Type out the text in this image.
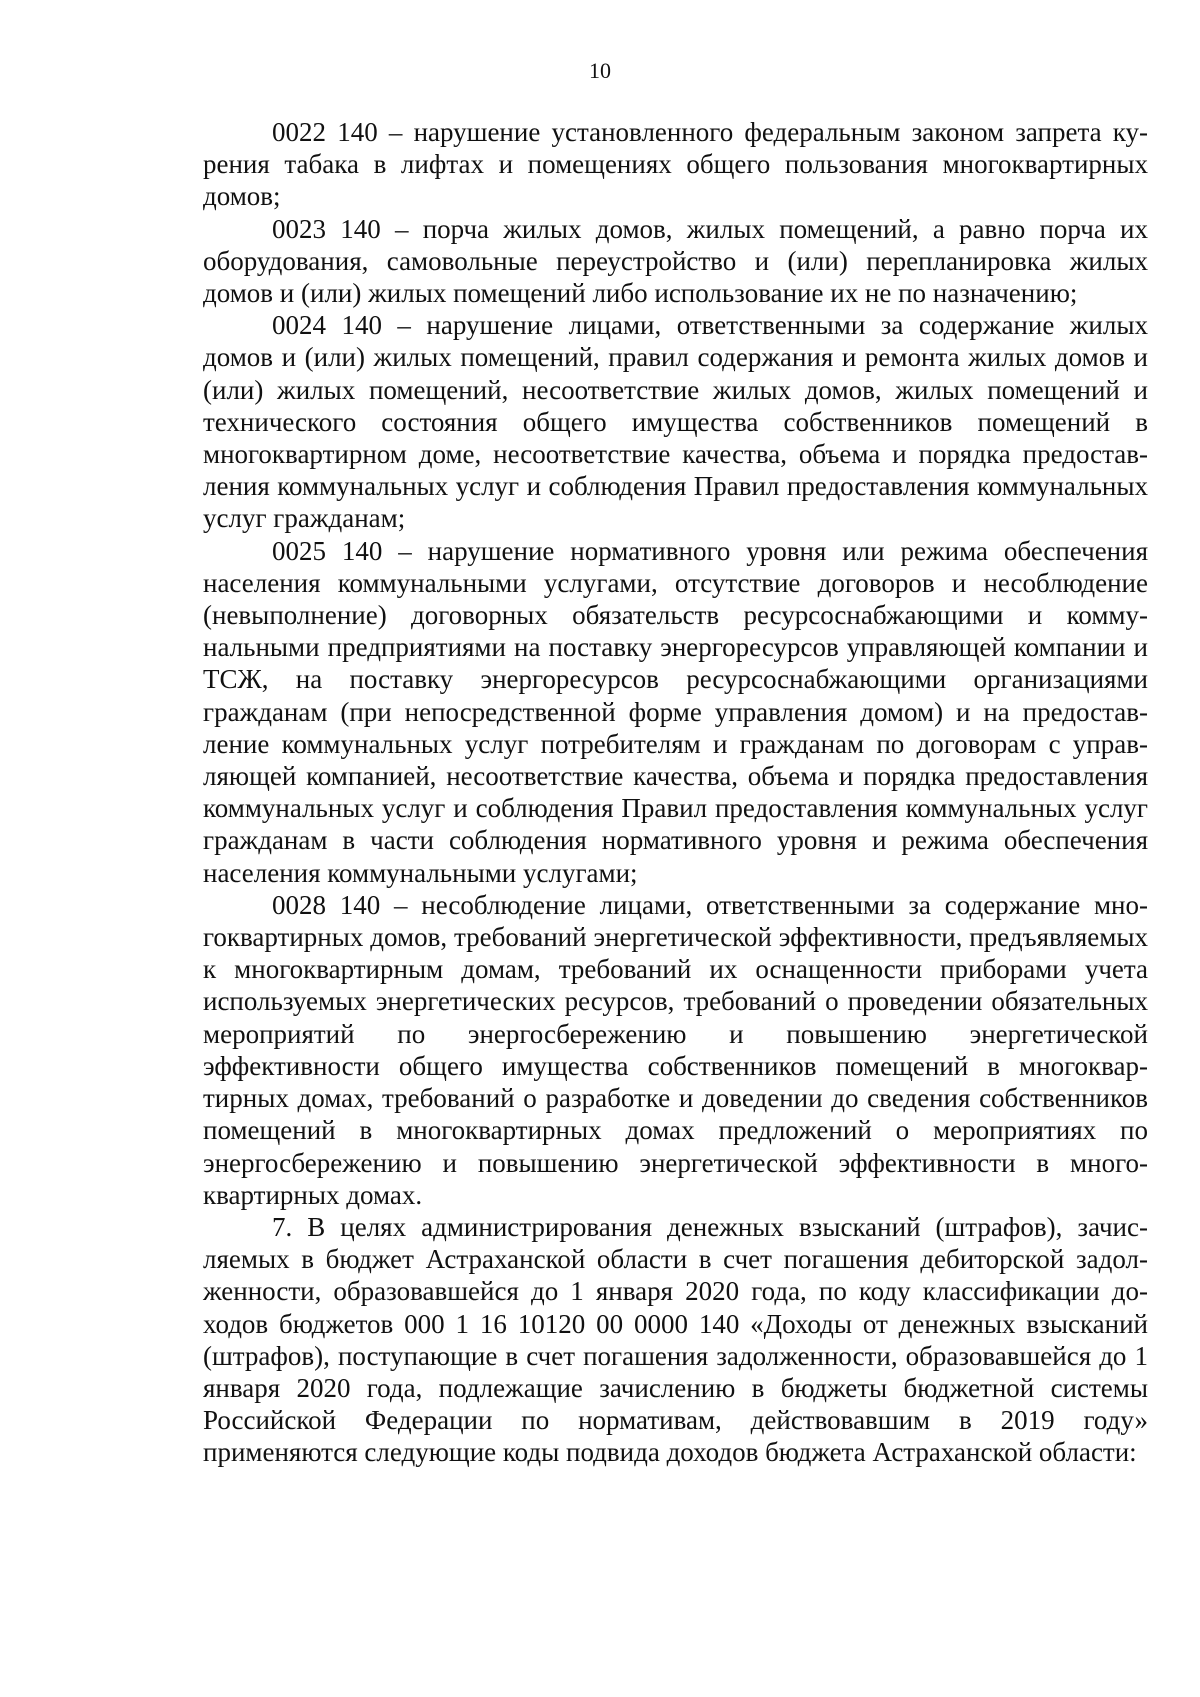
10

0022 140 – нарушение установленного федеральным законом запрета курения табака в лифтах и помещениях общего пользования многоквартирных домов;

0023 140 – порча жилых домов, жилых помещений, а равно порча их оборудования, самовольные переустройство и (или) перепланировка жилых домов и (или) жилых помещений либо использование их не по назначению;

0024 140 – нарушение лицами, ответственными за содержание жилых домов и (или) жилых помещений, правил содержания и ремонта жилых домов и (или) жилых помещений, несоответствие жилых домов, жилых помещений и технического состояния общего имущества собственников помещений в многоквартирном доме, несоответствие качества, объема и порядка предоставления коммунальных услуг и соблюдения Правил предоставления коммунальных услуг гражданам;

0025 140 – нарушение нормативного уровня или режима обеспечения населения коммунальными услугами, отсутствие договоров и несоблюдение (невыполнение) договорных обязательств ресурсоснабжающими и коммунальными предприятиями на поставку энергоресурсов управляющей компании и ТСЖ, на поставку энергоресурсов ресурсоснабжающими организациями гражданам (при непосредственной форме управления домом) и на предоставление коммунальных услуг потребителям и гражданам по договорам с управляющей компанией, несоответствие качества, объема и порядка предоставления коммунальных услуг и соблюдения Правил предоставления коммунальных услуг гражданам в части соблюдения нормативного уровня и режима обеспечения населения коммунальными услугами;

0028 140 – несоблюдение лицами, ответственными за содержание многоквартирных домов, требований энергетической эффективности, предъявляемых к многоквартирным домам, требований их оснащенности приборами учета используемых энергетических ресурсов, требований о проведении обязательных мероприятий по энергосбережению и повышению энергетической эффективности общего имущества собственников помещений в многоквартирных домах, требований о разработке и доведении до сведения собственников помещений в многоквартирных домах предложений о мероприятиях по энергосбережению и повышению энергетической эффективности в многоквартирных домах.

7. В целях администрирования денежных взысканий (штрафов), зачисляемых в бюджет Астраханской области в счет погашения дебиторской задолженности, образовавшейся до 1 января 2020 года, по коду классификации доходов бюджетов 000 1 16 10120 00 0000 140 «Доходы от денежных взысканий (штрафов), поступающие в счет погашения задолженности, образовавшейся до 1 января 2020 года, подлежащие зачислению в бюджеты бюджетной системы Российской Федерации по нормативам, действовавшим в 2019 году» применяются следующие коды подвида доходов бюджета Астраханской области:
